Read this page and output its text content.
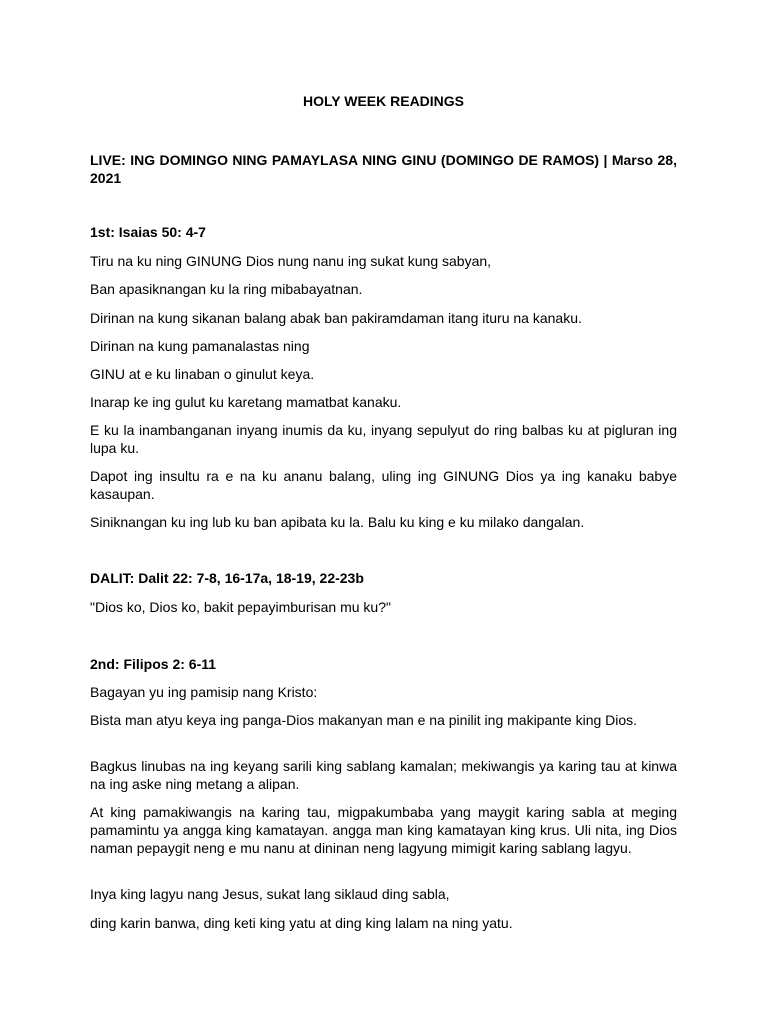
HOLY WEEK READINGS
LIVE: ING DOMINGO NING PAMAYLASA NING GINU (DOMINGO DE RAMOS) | Marso 28, 2021
1st: Isaias 50: 4-7
Tiru na ku ning GINUNG Dios nung nanu ing sukat kung sabyan,
Ban apasiknangan ku la ring mibabayatnan.
Dirinan na kung sikanan balang abak ban pakiramdaman itang ituru na kanaku.
Dirinan na kung pamanalastas ning
GINU at e ku linaban o ginulut keya.
Inarap ke ing gulut ku karetang mamatbat kanaku.
E ku la inambanganan inyang inumis da ku, inyang sepulyut do ring balbas ku at pigluran ing lupa ku.
Dapot ing insultu ra e na ku ananu balang, uling ing GINUNG Dios ya ing kanaku babye kasaupan.
Siniknangan ku ing lub ku ban apibata ku la. Balu ku king e ku milako dangalan.
DALIT: Dalit 22: 7-8, 16-17a, 18-19, 22-23b
"Dios ko, Dios ko, bakit pepayimburisan mu ku?"
2nd: Filipos 2: 6-11
Bagayan yu ing pamisip nang Kristo:
Bista man atyu keya ing panga-Dios makanyan man e na pinilit ing makipante king Dios.
Bagkus linubas na ing keyang sarili king sablang kamalan; mekiwangis ya karing tau at kinwa na ing aske ning metang a alipan.
At king pamakiwangis na karing tau, migpakumbaba yang maygit karing sabla at meging pamamintu ya angga king kamatayan. angga man king kamatayan king krus. Uli nita, ing Dios naman pepaygit neng e mu nanu at dininan neng lagyung mimigit karing sablang lagyu.
Inya king lagyu nang Jesus, sukat lang siklaud ding sabla,
ding karin banwa, ding keti king yatu at ding king lalam na ning yatu.
